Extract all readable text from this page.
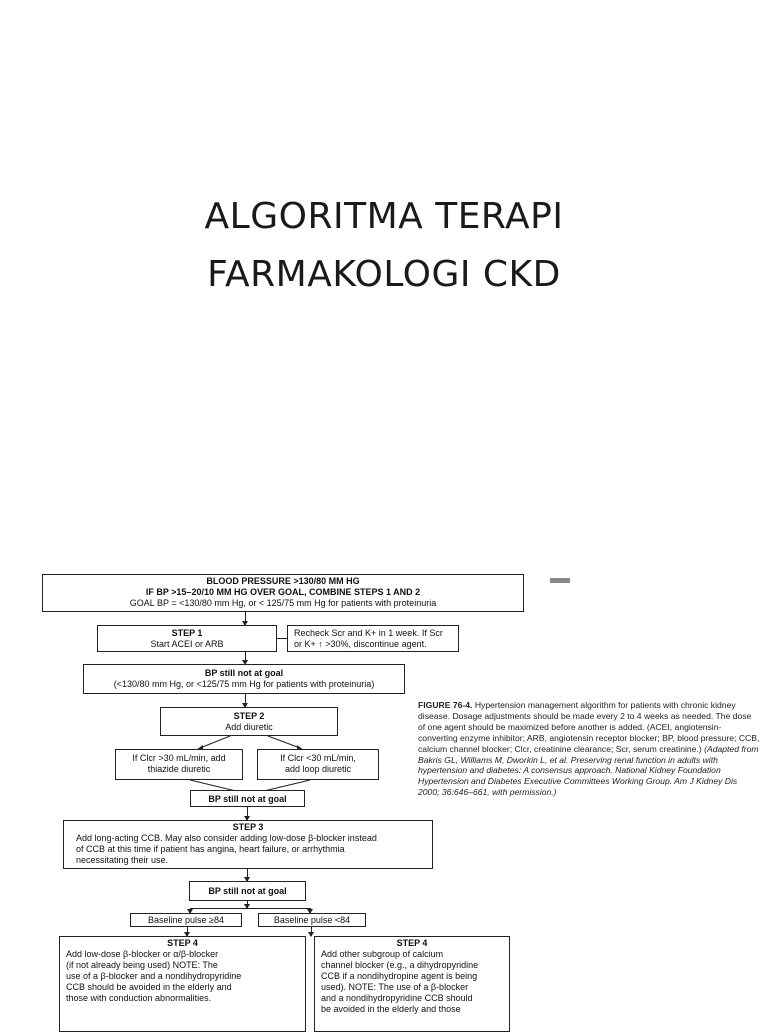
ALGORITMA TERAPI
FARMAKOLOGI CKD
BLOOD PRESSURE >130/80 MM HG
IF BP >15–20/10 MM HG OVER GOAL, COMBINE STEPS 1 AND 2
GOAL BP = <130/80 mm Hg, or < 125/75 mm Hg for patients with proteinuria
STEP 1
Start ACEI or ARB
Recheck Scr and K+ in 1 week. If Scr
or K+ ↑ >30%, discontinue agent.
BP still not at goal
(<130/80 mm Hg, or <125/75 mm Hg for patients with proteinuria)
STEP 2
Add diuretic
If Clcr >30 mL/min, add
thiazide diuretic
If Clcr <30 mL/min,
add loop diuretic
BP still not at goal
STEP 3
Add long-acting CCB. May also consider adding low-dose β-blocker instead
of CCB at this time if patient has angina, heart failure, or arrhythmia
necessitating their use.
BP still not at goal
Baseline pulse ≥84	Baseline pulse <84
STEP 4
Add low-dose β-blocker or α/β-blocker
(if not already being used) NOTE: The
use of a β-blocker and a nondihydropyridine
CCB should be avoided in the elderly and
those with conduction abnormalities.
STEP 4
Add other subgroup of calcium
channel blocker (e.g., a dihydropyridine
CCB if a nondihydropine agent is being
used). NOTE: The use of a β-blocker
and a nondihydropyridine CCB should
be avoided in the elderly and those
FIGURE 76-4. Hypertension management algorithm for patients with chronic kidney disease. Dosage adjustments should be made every 2 to 4 weeks as needed. The dose of one agent should be maximized before another is added. (ACEI, angiotensin-converting enzyme inhibitor; ARB, angiotensin receptor blocker; BP, blood pressure; CCB, calcium channel blocker; Clcr, creatinine clearance; Scr, serum creatinine.) (Adapted from Bakris GL, Williams M, Dworkin L, et al. Preserving renal function in adults with hypertension and diabetes: A consensus approach. National Kidney Foundation Hypertension and Diabetes Executive Committees Working Group. Am J Kidney Dis 2000; 36:646–661, with permission.)
